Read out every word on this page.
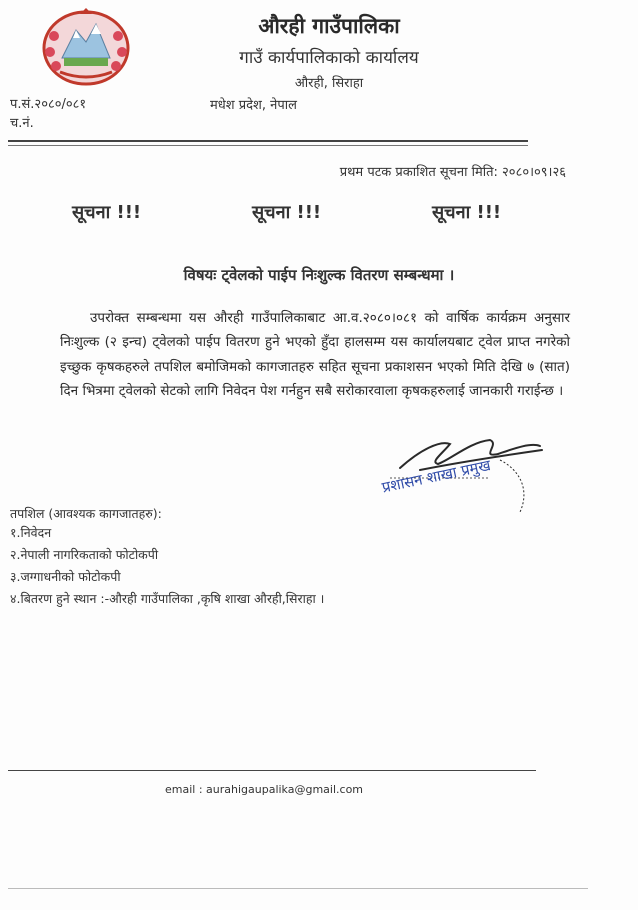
औरही गाउँपालिका
गाउँ कार्यपालिकाको कार्यालय
औरही, सिराहा
मधेश प्रदेश, नेपाल
प.सं.२०८०/०८१
च.नं.
प्रथम पटक प्रकाशित सूचना मिति: २०८०।०९।२६
सूचना !!!	सूचना !!!	सूचना !!!
विषयः ट्वेलको पाईप निःशुल्क वितरण सम्बन्धमा ।

उपरोक्त सम्बन्धमा यस औरही गाउँपालिकाबाट आ.व.२०८०।०८१ को वार्षिक कार्यक्रम अनुसार निःशुल्क (२ इन्च) ट्वेलको पाईप वितरण हुने भएको हुँदा हालसम्म यस कार्यालयबाट ट्वेल प्राप्त नगरेको इच्छुक कृषकहरुले तपशिल बमोजिमको कागजातहरु सहित सूचना प्रकाशसन भएको मिति देखि ७ (सात) दिन भित्रमा ट्वेलको सेटको लागि निवेदन पेश गर्नहुन सबै सरोकारवाला कृषकहरुलाई जानकारी गराईन्छ ।

प्रशासन शाखा प्रमुख
तपशिल (आवश्यक कागजातहरु):
१.निवेदन
२.नेपाली नागरिकताको फोटोकपी
३.जग्गाधनीको फोटोकपी
४.बितरण हुने स्थान :-औरही गाउँपालिका ,कृषि शाखा औरही,सिराहा ।
email : aurahigaupalika@gmail.com
